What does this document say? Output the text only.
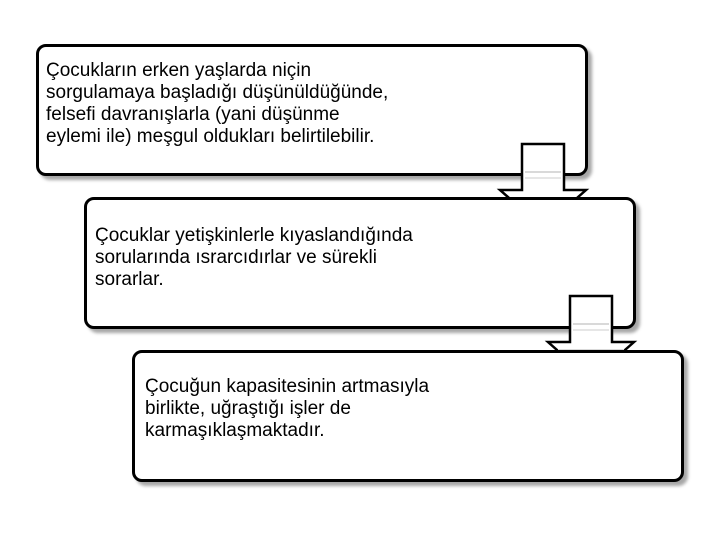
Çocukların erken yaşlarda niçin
sorgulamaya başladığı düşünüldüğünde,
felsefi davranışlarla (yani düşünme
eylemi ile) meşgul oldukları belirtilebilir.

Çocuklar yetişkinlerle kıyaslandığında
sorularında ısrarcıdırlar ve sürekli
sorarlar.

Çocuğun kapasitesinin artmasıyla
birlikte, uğraştığı işler de
karmaşıklaşmaktadır.
